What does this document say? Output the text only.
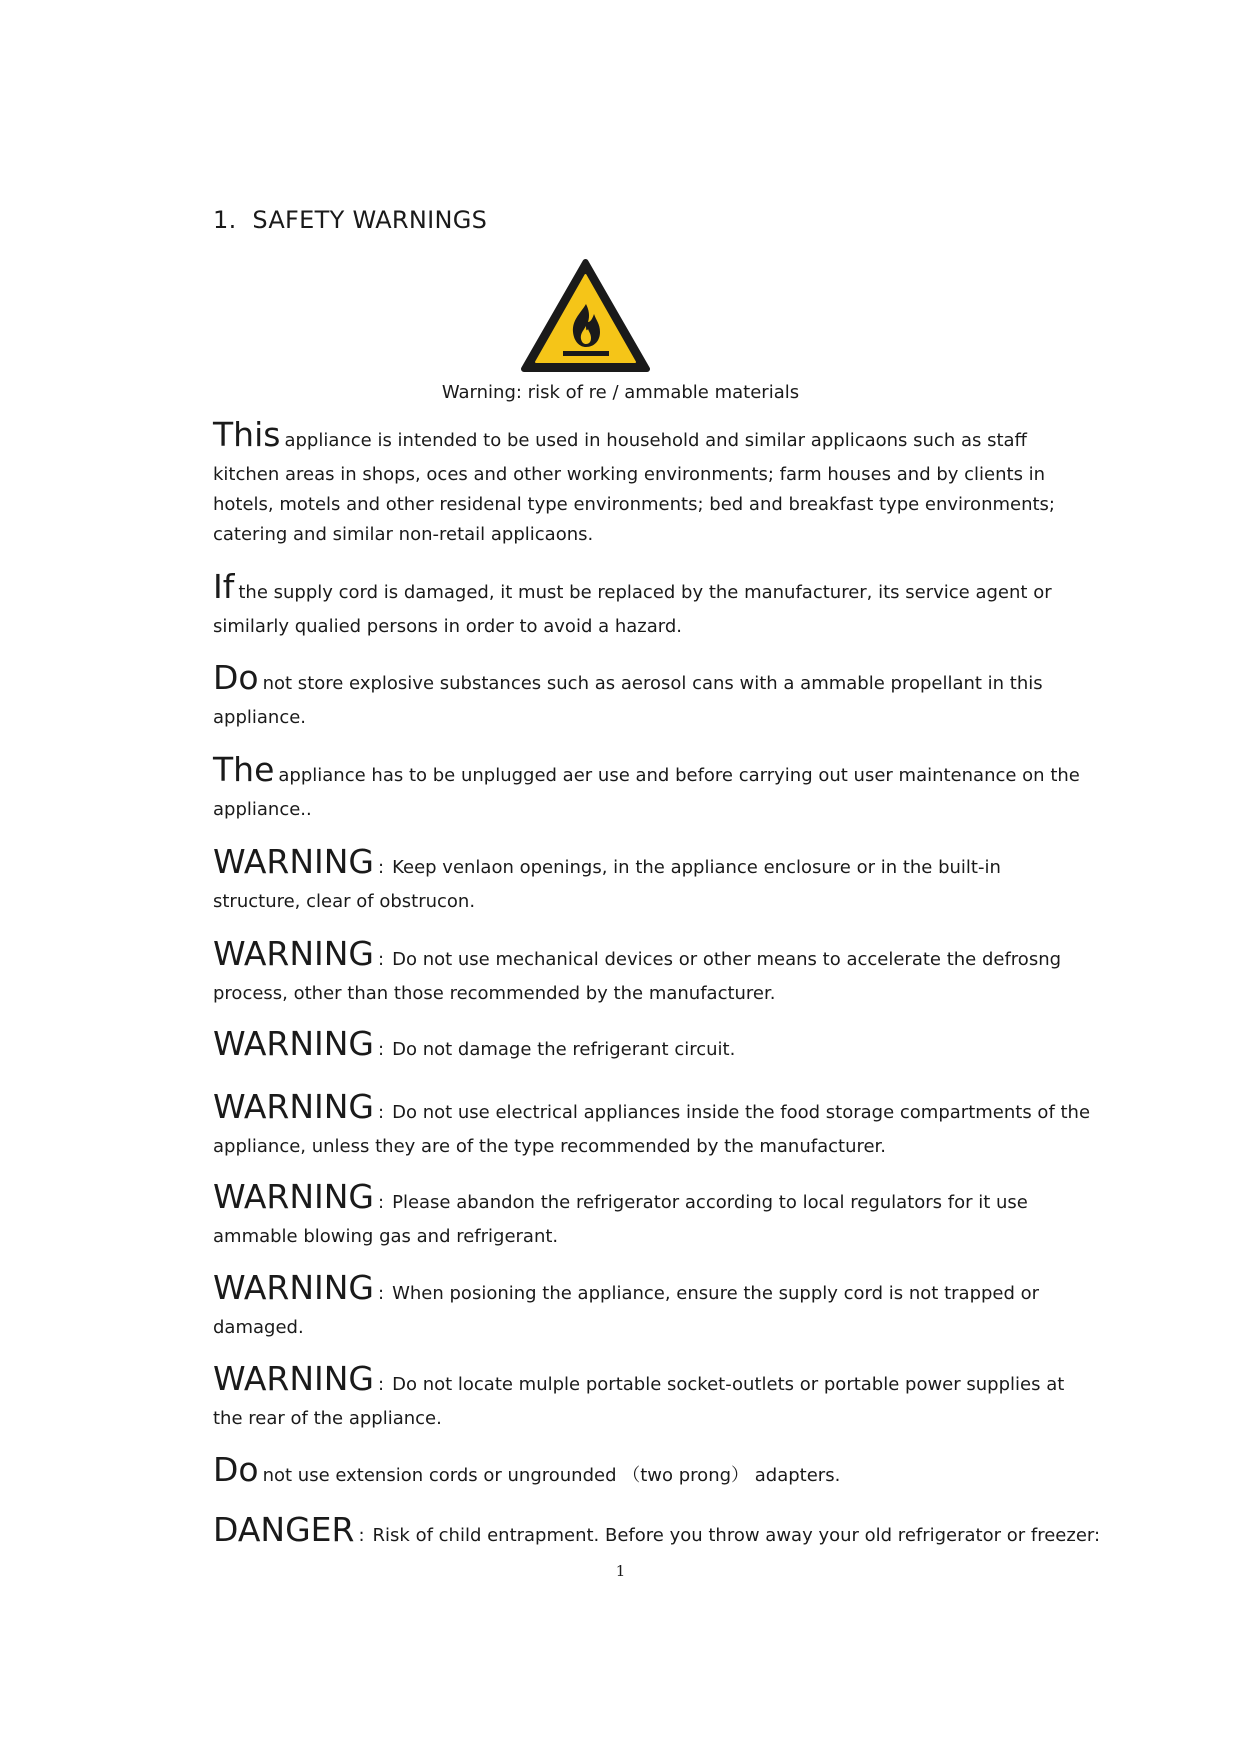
1. SAFETY WARNINGS
Warning: risk of re / ammable materials
This appliance is intended to be used in household and similar applicaons such as staff
kitchen areas in shops, oces and other working environments; farm houses and by clients in
hotels, motels and other residenal type environments; bed and breakfast type environments;
catering and similar non-retail applicaons.
If the supply cord is damaged, it must be replaced by the manufacturer, its service agent or
similarly qualied persons in order to avoid a hazard.
Do not store explosive substances such as aerosol cans with a ammable propellant in this
appliance.
The appliance has to be unplugged aer use and before carrying out user maintenance on the
appliance..
WARNING : Keep venlaon openings, in the appliance enclosure or in the built-in
structure, clear of obstrucon.
WARNING : Do not use mechanical devices or other means to accelerate the defrosng
process, other than those recommended by the manufacturer.
WARNING : Do not damage the refrigerant circuit.
WARNING : Do not use electrical appliances inside the food storage compartments of the
appliance, unless they are of the type recommended by the manufacturer.
WARNING : Please abandon the refrigerator according to local regulators for it use
ammable blowing gas and refrigerant.
WARNING : When posioning the appliance, ensure the supply cord is not trapped or
damaged.
WARNING : Do not locate mulple portable socket-outlets or portable power supplies at
the rear of the appliance.
Do not use extension cords or ungrounded （two prong） adapters.
DANGER : Risk of child entrapment. Before you throw away your old refrigerator or freezer:
1
